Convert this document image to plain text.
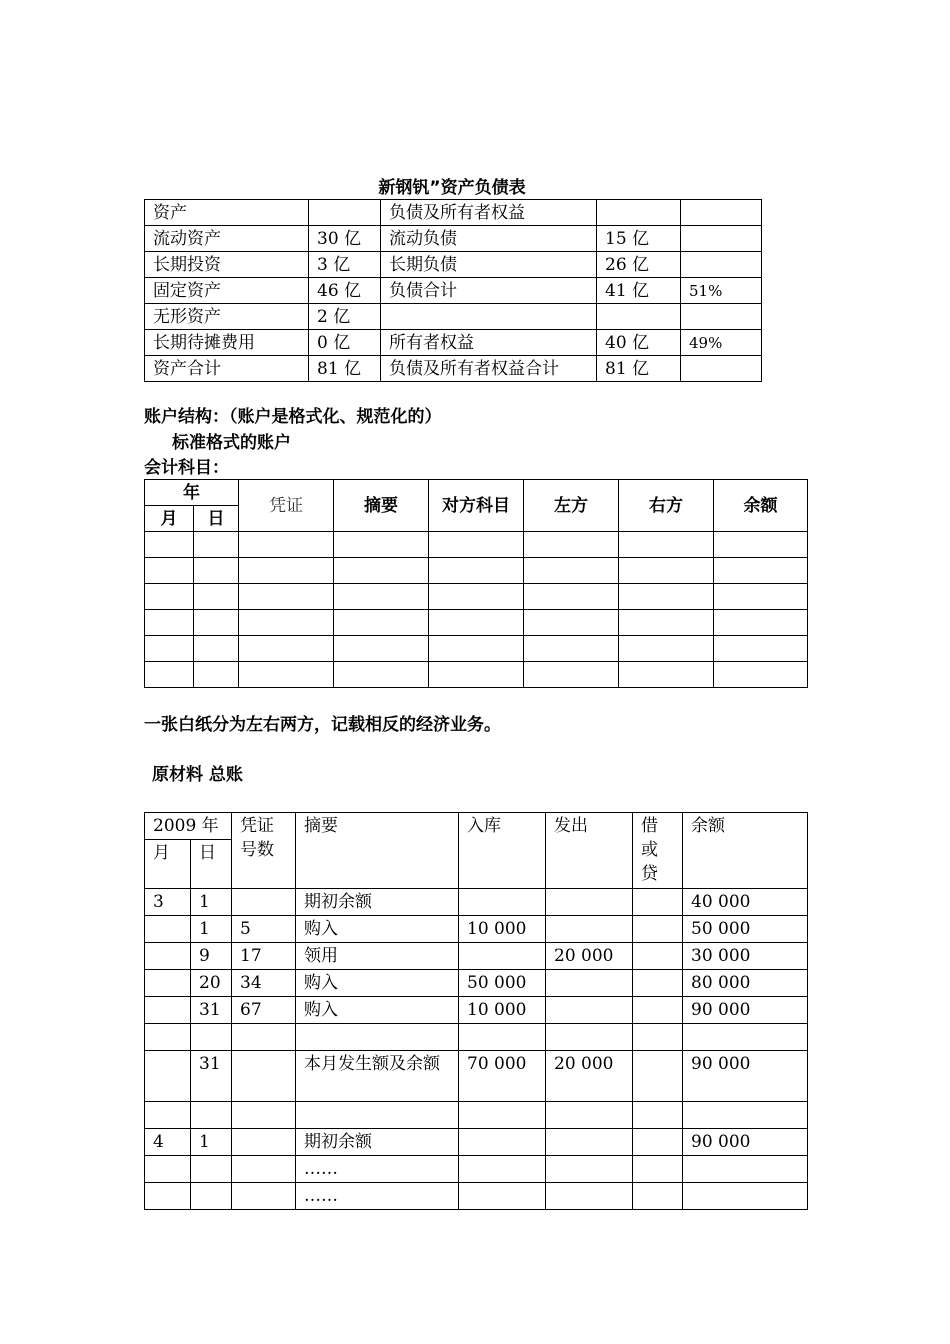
新钢钒”资产负债表
资产		负债及所有者权益		
流动资产	30 亿	流动负债	15 亿	
长期投资	3 亿	长期负债	26 亿	
固定资产	46 亿	负债合计	41 亿	51%
无形资产	2 亿			
长期待摊费用	0 亿	所有者权益	40 亿	49%
资产合计	81 亿	负债及所有者权益合计	81 亿	
账户结构：（账户是格式化、规范化的）
标准格式的账户
会计科目：
年		凭证	摘要	对方科目	左方	右方	余额
月	日						

一张白纸分为左右两方，记载相反的经济业务。
原材料 总账
2009 年		凭证号数	摘要	入库	发出	借或贷	余额
月	日						
3	1		期初余额				40 000
	1	5	购入	10 000			50 000
	9	17	领用		20 000		30 000
	20	34	购入	50 000			80 000
	31	67	购入	10 000			90 000

	31		本月发生额及余额	70 000	20 000		90 000

4	1		期初余额				90 000
			……				
			……				
